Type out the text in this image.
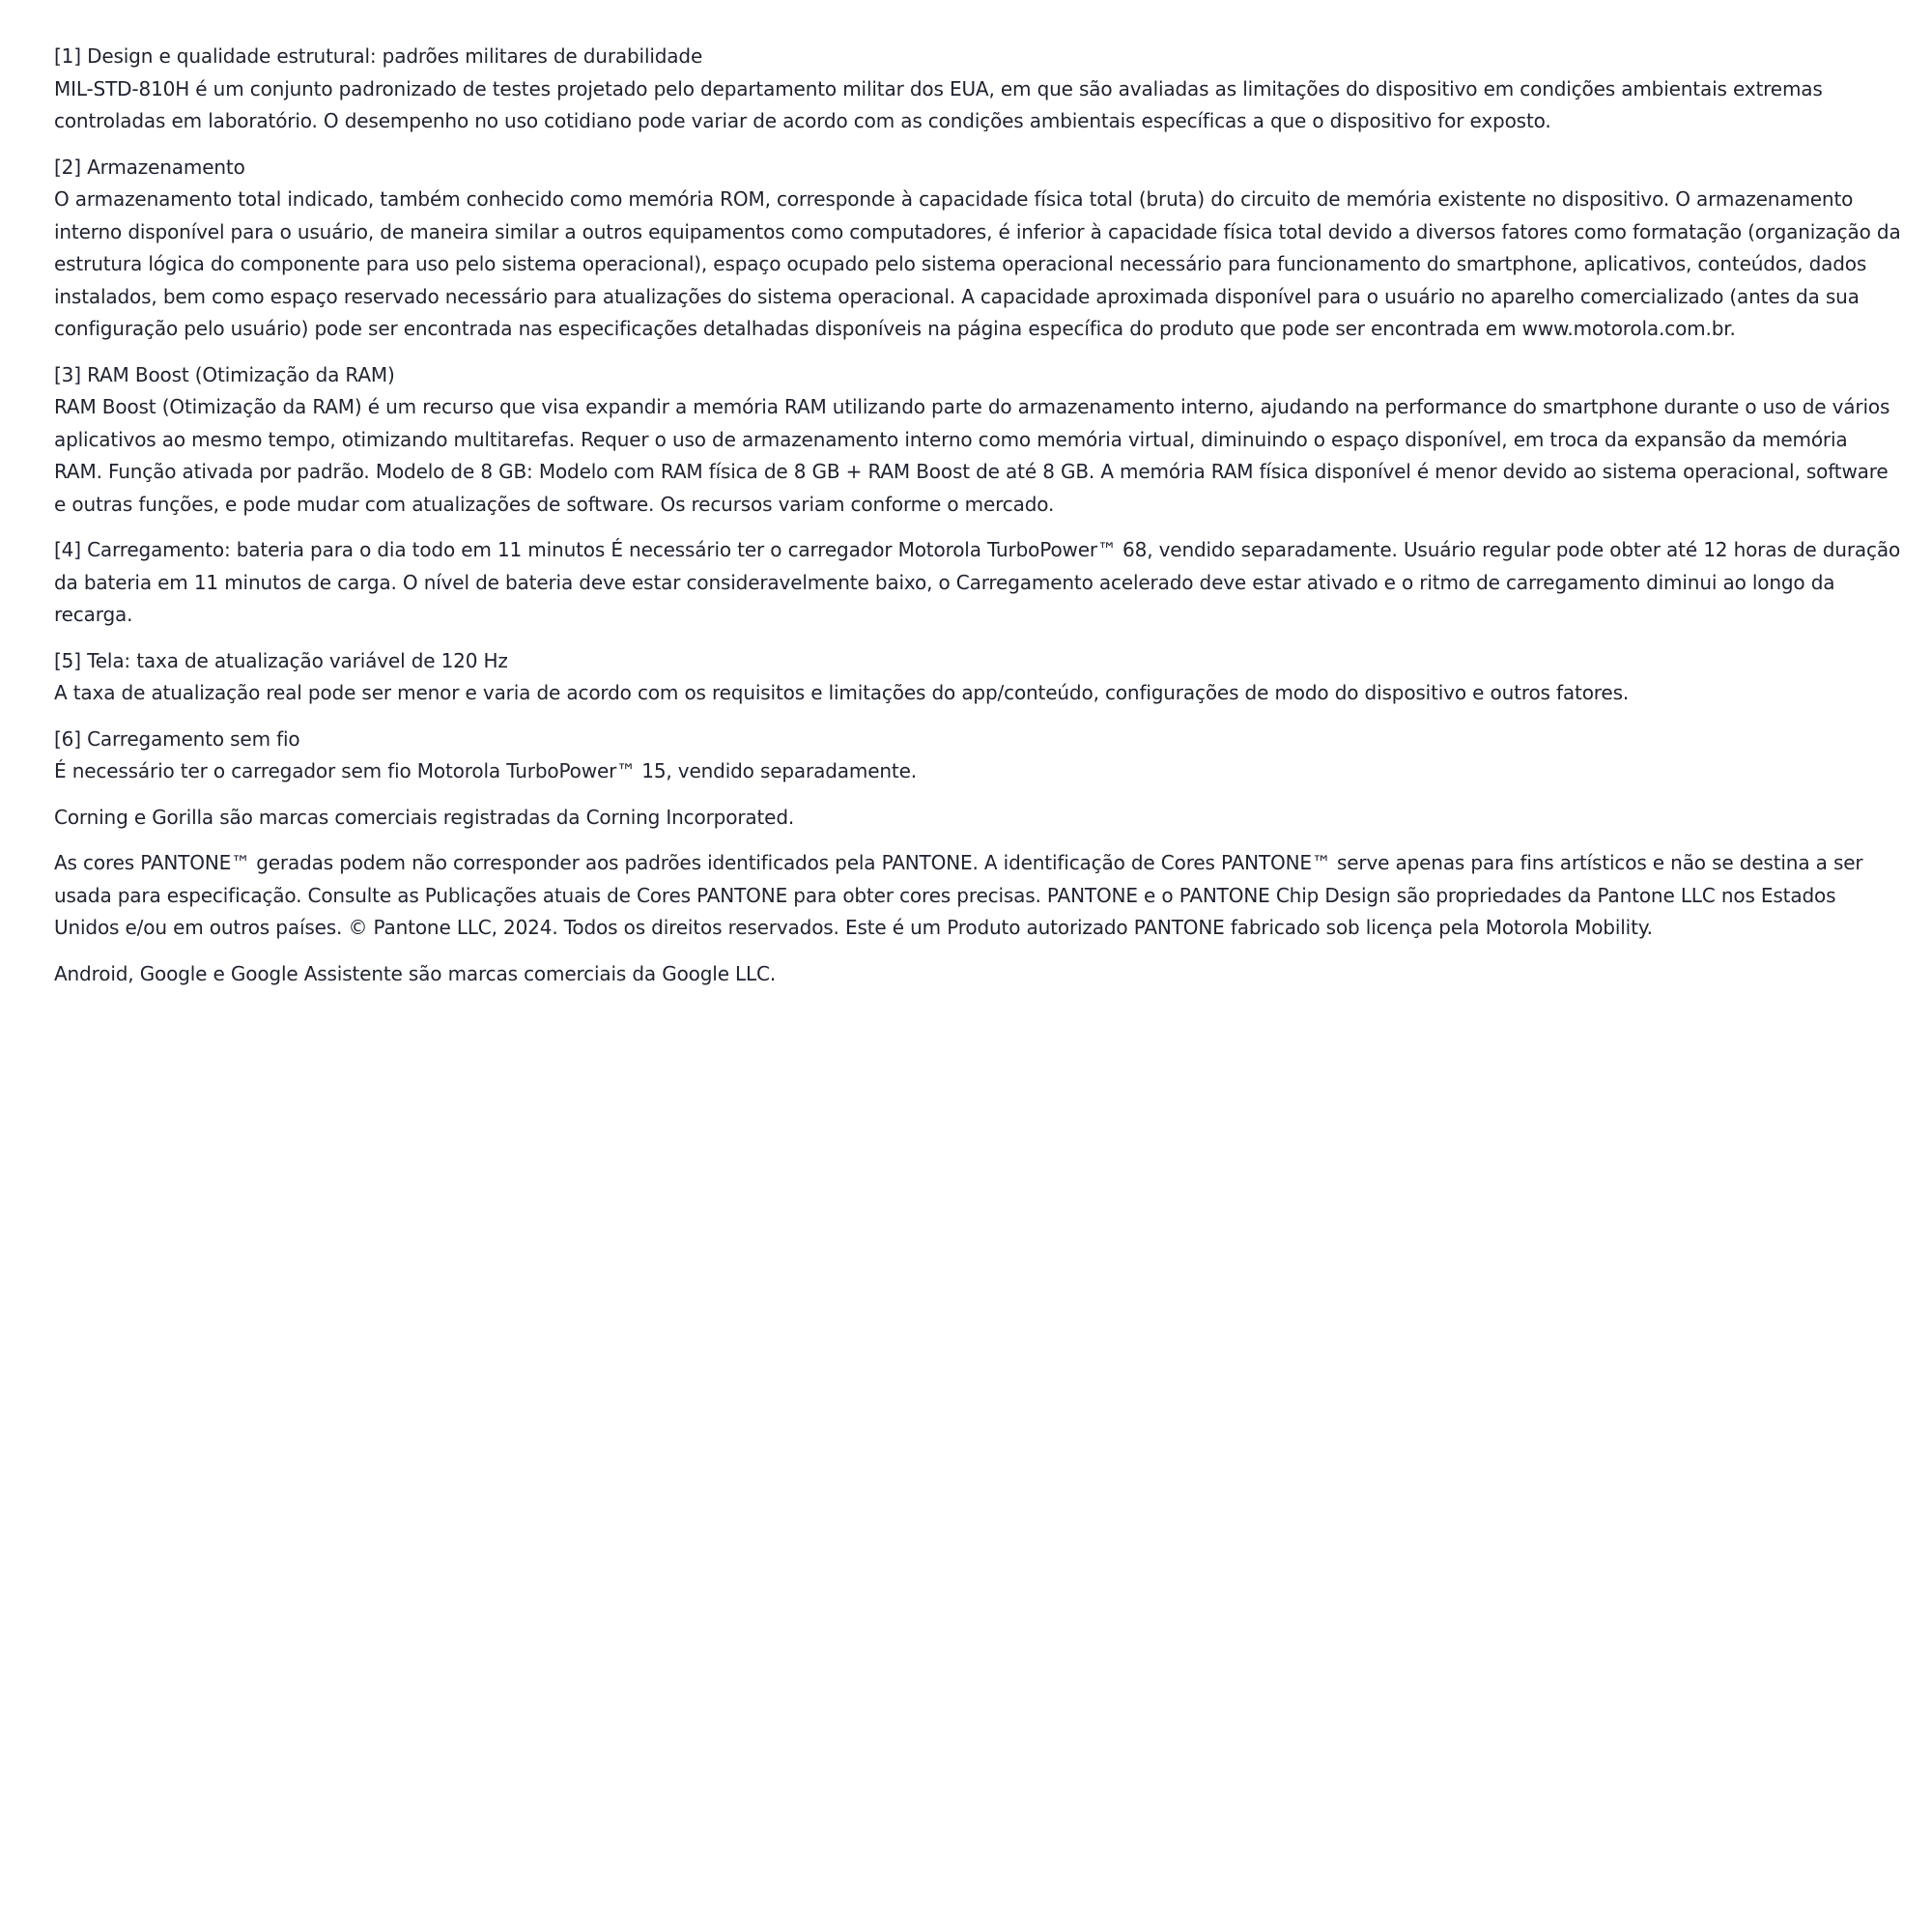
[1] Design e qualidade estrutural: padrões militares de durabilidade
MIL-STD-810H é um conjunto padronizado de testes projetado pelo departamento militar dos EUA, em que são avaliadas as limitações do dispositivo em condições ambientais extremas controladas em laboratório. O desempenho no uso cotidiano pode variar de acordo com as condições ambientais específicas a que o dispositivo for exposto.
[2] Armazenamento
O armazenamento total indicado, também conhecido como memória ROM, corresponde à capacidade física total (bruta) do circuito de memória existente no dispositivo. O armazenamento interno disponível para o usuário, de maneira similar a outros equipamentos como computadores, é inferior à capacidade física total devido a diversos fatores como formatação (organização da estrutura lógica do componente para uso pelo sistema operacional), espaço ocupado pelo sistema operacional necessário para funcionamento do smartphone, aplicativos, conteúdos, dados instalados, bem como espaço reservado necessário para atualizações do sistema operacional. A capacidade aproximada disponível para o usuário no aparelho comercializado (antes da sua configuração pelo usuário) pode ser encontrada nas especificações detalhadas disponíveis na página específica do produto que pode ser encontrada em www.motorola.com.br.
[3] RAM Boost (Otimização da RAM)
RAM Boost (Otimização da RAM) é um recurso que visa expandir a memória RAM utilizando parte do armazenamento interno, ajudando na performance do smartphone durante o uso de vários aplicativos ao mesmo tempo, otimizando multitarefas. Requer o uso de armazenamento interno como memória virtual, diminuindo o espaço disponível, em troca da expansão da memória RAM. Função ativada por padrão. Modelo de 8 GB: Modelo com RAM física de 8 GB + RAM Boost de até 8 GB. A memória RAM física disponível é menor devido ao sistema operacional, software e outras funções, e pode mudar com atualizações de software. Os recursos variam conforme o mercado.
[4] Carregamento: bateria para o dia todo em 11 minutos É necessário ter o carregador Motorola TurboPower™ 68, vendido separadamente. Usuário regular pode obter até 12 horas de duração da bateria em 11 minutos de carga. O nível de bateria deve estar consideravelmente baixo, o Carregamento acelerado deve estar ativado e o ritmo de carregamento diminui ao longo da recarga.
[5] Tela: taxa de atualização variável de 120 Hz
A taxa de atualização real pode ser menor e varia de acordo com os requisitos e limitações do app/conteúdo, configurações de modo do dispositivo e outros fatores.
[6] Carregamento sem fio
É necessário ter o carregador sem fio Motorola TurboPower™ 15, vendido separadamente.
Corning e Gorilla são marcas comerciais registradas da Corning Incorporated.
As cores PANTONE™ geradas podem não corresponder aos padrões identificados pela PANTONE. A identificação de Cores PANTONE™ serve apenas para fins artísticos e não se destina a ser usada para especificação. Consulte as Publicações atuais de Cores PANTONE para obter cores precisas. PANTONE e o PANTONE Chip Design são propriedades da Pantone LLC nos Estados Unidos e/ou em outros países. © Pantone LLC, 2024. Todos os direitos reservados. Este é um Produto autorizado PANTONE fabricado sob licença pela Motorola Mobility.
Android, Google e Google Assistente são marcas comerciais da Google LLC.
